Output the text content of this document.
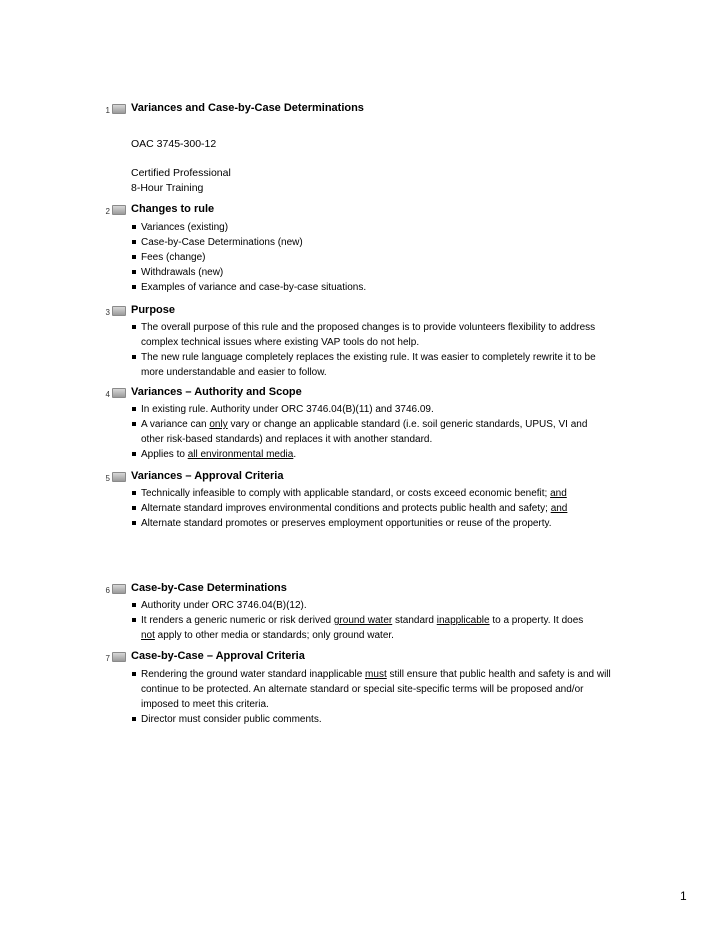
1 Variances and Case-by-Case Determinations
OAC 3745-300-12
Certified Professional
8-Hour Training
2 Changes to rule
Variances (existing)
Case-by-Case Determinations (new)
Fees (change)
Withdrawals (new)
Examples of variance and case-by-case situations.
3 Purpose
The overall purpose of this rule and the proposed changes is to provide volunteers flexibility to address complex technical issues where existing VAP tools do not help.
The new rule language completely replaces the existing rule. It was easier to completely rewrite it to be more understandable and easier to follow.
4 Variances – Authority and Scope
In existing rule. Authority under ORC 3746.04(B)(11) and 3746.09.
A variance can only vary or change an applicable standard (i.e. soil generic standards, UPUS, VI and other risk-based standards) and replaces it with another standard.
Applies to all environmental media.
5 Variances – Approval Criteria
Technically infeasible to comply with applicable standard, or costs exceed economic benefit; and
Alternate standard improves environmental conditions and protects public health and safety; and
Alternate standard promotes or preserves employment opportunities or reuse of the property.
6 Case-by-Case Determinations
Authority under ORC 3746.04(B)(12).
It renders a generic numeric or risk derived ground water standard inapplicable to a property. It does not apply to other media or standards; only ground water.
7 Case-by-Case – Approval Criteria
Rendering the ground water standard inapplicable must still ensure that public health and safety is and will continue to be protected. An alternate standard or special site-specific terms will be proposed and/or imposed to meet this criteria.
Director must consider public comments.
1
